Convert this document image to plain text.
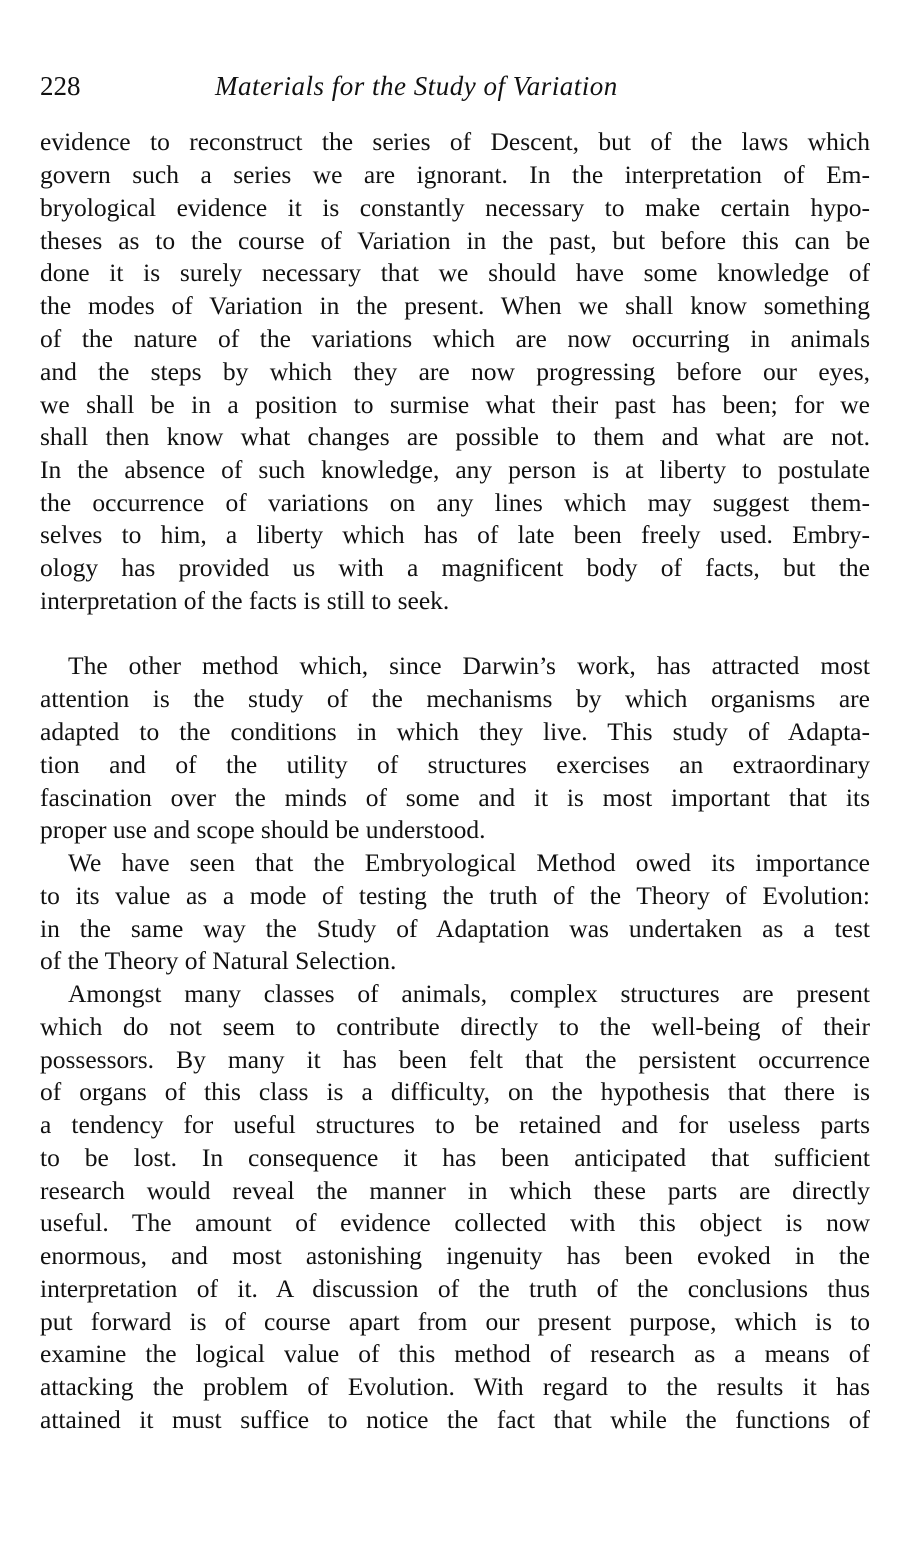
228	Materials for the Study of Variation
evidence to reconstruct the series of Descent, but of the laws which
govern such a series we are ignorant. In the interpretation of Em-
bryological evidence it is constantly necessary to make certain hypo-
theses as to the course of Variation in the past, but before this can be
done it is surely necessary that we should have some knowledge of
the modes of Variation in the present. When we shall know something
of the nature of the variations which are now occurring in animals
and the steps by which they are now progressing before our eyes,
we shall be in a position to surmise what their past has been; for we
shall then know what changes are possible to them and what are not.
In the absence of such knowledge, any person is at liberty to postulate
the occurrence of variations on any lines which may suggest them-
selves to him, a liberty which has of late been freely used. Embry-
ology has provided us with a magnificent body of facts, but the
interpretation of the facts is still to seek.
The other method which, since Darwin’s work, has attracted most
attention is the study of the mechanisms by which organisms are
adapted to the conditions in which they live. This study of Adapta-
tion and of the utility of structures exercises an extraordinary
fascination over the minds of some and it is most important that its
proper use and scope should be understood.
We have seen that the Embryological Method owed its importance
to its value as a mode of testing the truth of the Theory of Evolution:
in the same way the Study of Adaptation was undertaken as a test
of the Theory of Natural Selection.
Amongst many classes of animals, complex structures are present
which do not seem to contribute directly to the well-being of their
possessors. By many it has been felt that the persistent occurrence
of organs of this class is a difficulty, on the hypothesis that there is
a tendency for useful structures to be retained and for useless parts
to be lost. In consequence it has been anticipated that sufficient
research would reveal the manner in which these parts are directly
useful. The amount of evidence collected with this object is now
enormous, and most astonishing ingenuity has been evoked in the
interpretation of it. A discussion of the truth of the conclusions thus
put forward is of course apart from our present purpose, which is to
examine the logical value of this method of research as a means of
attacking the problem of Evolution. With regard to the results it has
attained it must suffice to notice the fact that while the functions of
